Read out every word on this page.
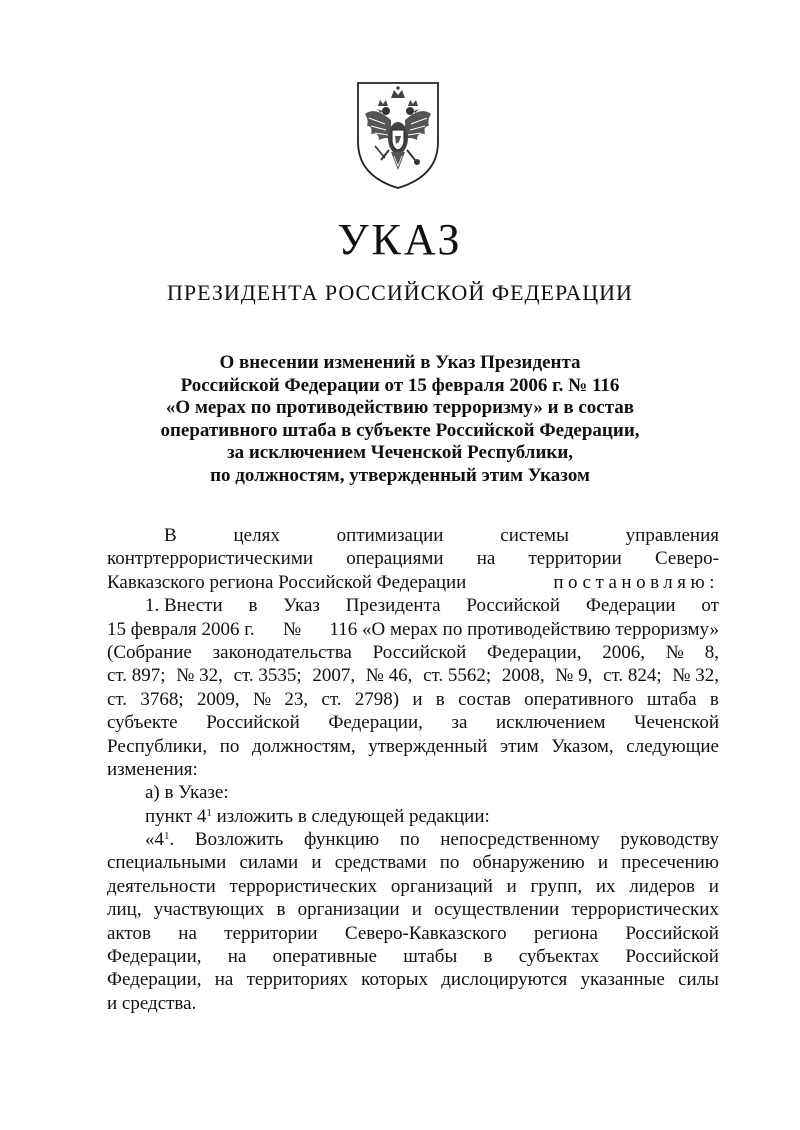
УКАЗ
ПРЕЗИДЕНТА РОССИЙСКОЙ ФЕДЕРАЦИИ
О внесении изменений в Указ Президента
Российской Федерации от 15 февраля 2006 г. № 116
«О мерах по противодействию терроризму» и в состав
оперативного штаба в субъекте Российской Федерации,
за исключением Чеченской Республики,
по должностям, утвержденный этим Указом
В	целях	оптимизации	системы	управления
контртеррористическими операциями на территории Северо-
Кавказского региона Российской Федерации	постановляю:
1. Внести в Указ Президента Российской Федерации от
15 февраля 2006 г. № 116 «О мерах по противодействию терроризму»
(Собрание законодательства Российской Федерации, 2006, № 8,
ст. 897; № 32, ст. 3535; 2007, № 46, ст. 5562; 2008, № 9, ст. 824; № 32,
ст. 3768; 2009, № 23, ст. 2798) и в состав оперативного штаба в
субъекте Российской Федерации, за исключением Чеченской
Республики, по должностям, утвержденный этим Указом, следующие
изменения:
а) в Указе:
пункт $4^1$ изложить в следующей редакции:
«$4^1$. Возложить функцию по непосредственному руководству
специальными силами и средствами по обнаружению и пресечению
деятельности террористических организаций и групп, их лидеров и
лиц, участвующих в организации и осуществлении террористических
актов на территории Северо-Кавказского региона Российской
Федерации, на оперативные штабы в субъектах Российской
Федерации, на территориях которых дислоцируются указанные силы
и средства.
